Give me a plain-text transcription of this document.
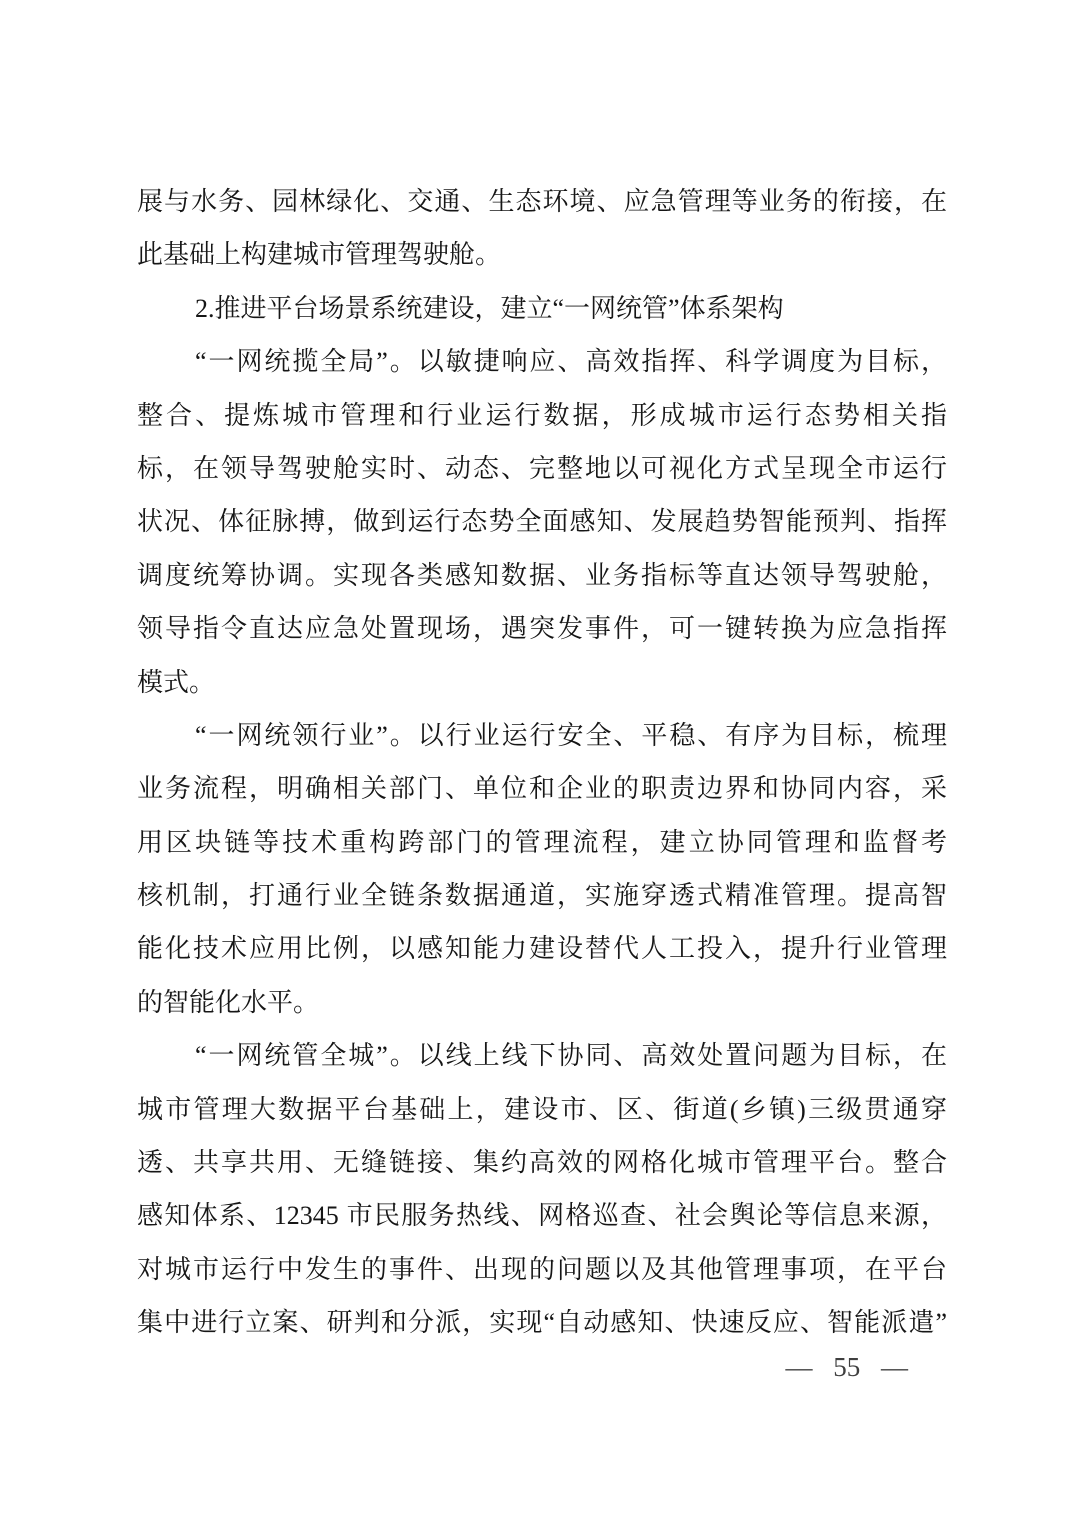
展与水务、园林绿化、交通、生态环境、应急管理等业务的衔接，在
此基础上构建城市管理驾驶舱。
2.推进平台场景系统建设，建立“一网统管”体系架构
“一网统揽全局”。以敏捷响应、高效指挥、科学调度为目标，
整合、提炼城市管理和行业运行数据，形成城市运行态势相关指
标，在领导驾驶舱实时、动态、完整地以可视化方式呈现全市运行
状况、体征脉搏，做到运行态势全面感知、发展趋势智能预判、指挥
调度统筹协调。实现各类感知数据、业务指标等直达领导驾驶舱，
领导指令直达应急处置现场，遇突发事件，可一键转换为应急指挥
模式。
“一网统领行业”。以行业运行安全、平稳、有序为目标，梳理
业务流程，明确相关部门、单位和企业的职责边界和协同内容，采
用区块链等技术重构跨部门的管理流程，建立协同管理和监督考
核机制，打通行业全链条数据通道，实施穿透式精准管理。提高智
能化技术应用比例，以感知能力建设替代人工投入，提升行业管理
的智能化水平。
“一网统管全城”。以线上线下协同、高效处置问题为目标，在
城市管理大数据平台基础上，建设市、区、街道(乡镇)三级贯通穿
透、共享共用、无缝链接、集约高效的网格化城市管理平台。整合
感知体系、12345 市民服务热线、网格巡查、社会舆论等信息来源，
对城市运行中发生的事件、出现的问题以及其他管理事项，在平台
集中进行立案、研判和分派，实现“自动感知、快速反应、智能派遣”
— 55 —
